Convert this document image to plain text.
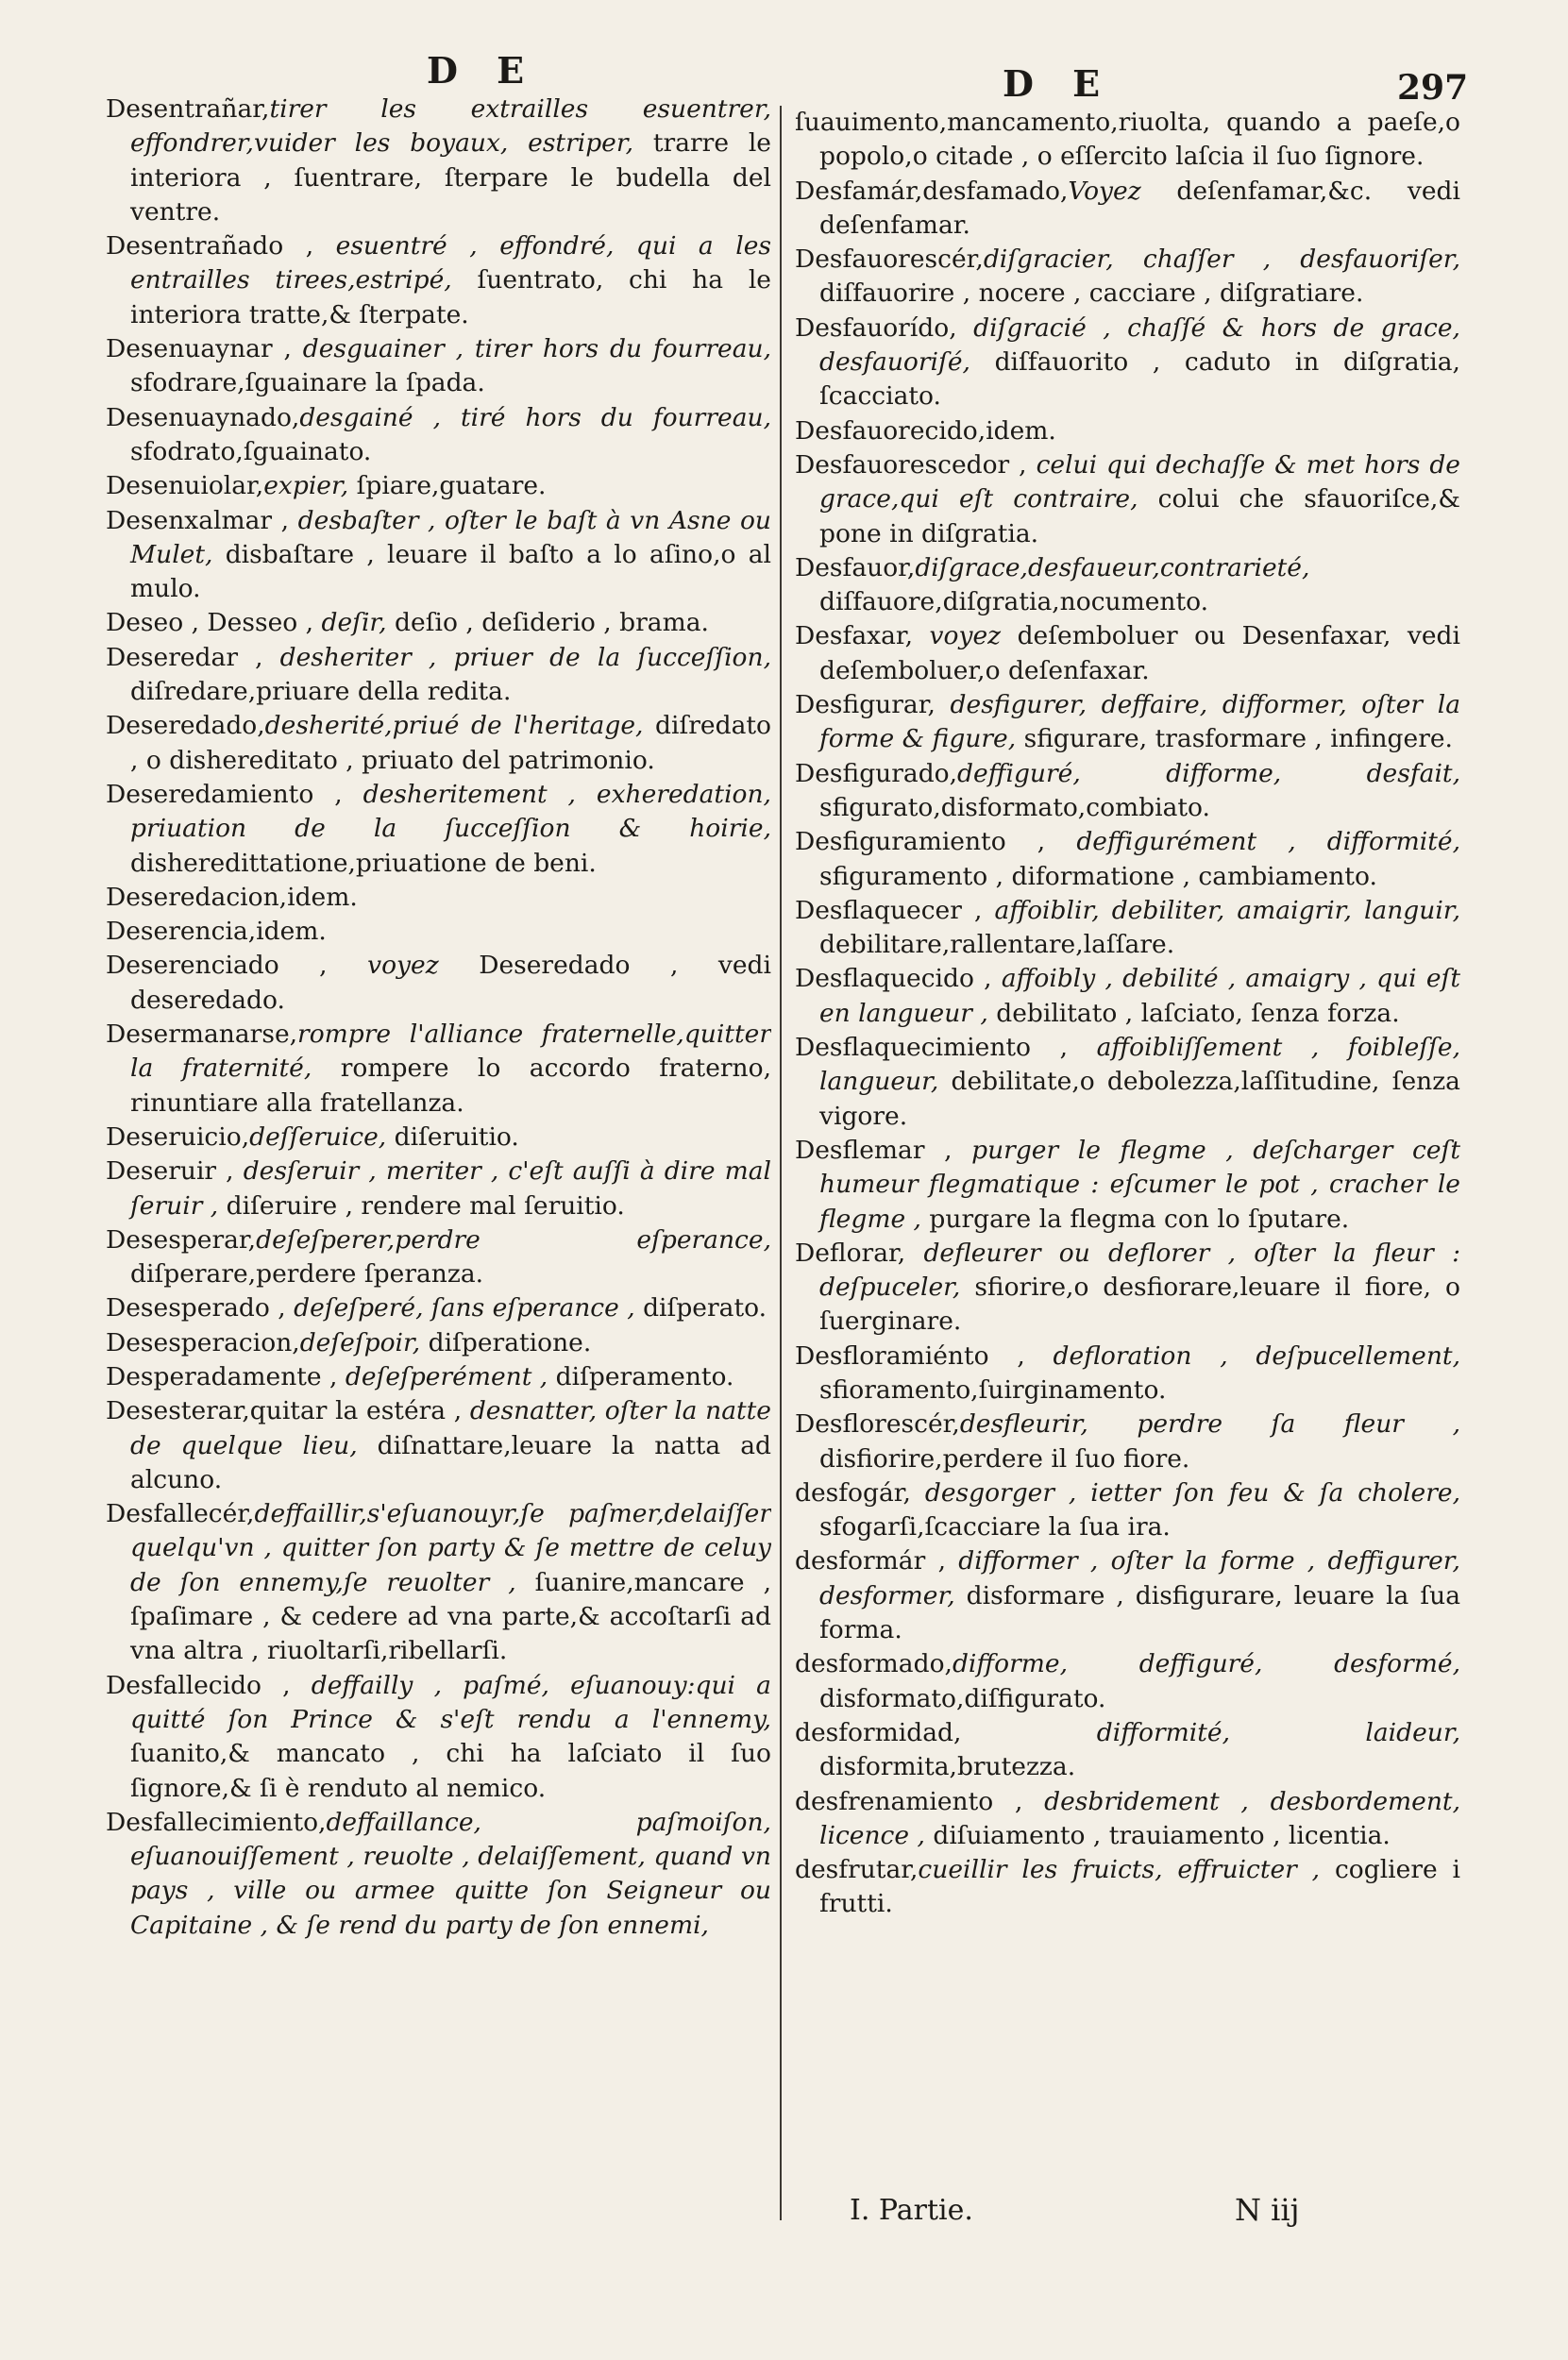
D E	D E	297

Desentrañar,tirer les extrailles esuentrer, effondrer,vuider les boyaux, estriper, trarre le interiora , ſuentrare, ſterpare le budella del ventre.

Desentrañado , esuentré , effondré, qui a les entrailles tirees,estripé, ſuentrato, chi ha le interiora tratte,& ſterpate.

Desenuaynar , desguainer , tirer hors du fourreau, sfodrare,ſguainare la ſpada.

Desenuaynado,desgainé , tiré hors du fourreau, sfodrato,ſguainato.

Desenuiolar,expier, ſpiare,guatare.

Desenxalmar , desbaſter , oſter le baſt à vn Asne ou Mulet, disbaſtare , leuare il baſto a lo aſino,o al mulo.

Deseo , Desseo , deſir, deſio , deſiderio , brama.

Deseredar , desheriter , priuer de la ſucceſſion, diſredare,priuare della redita.

Deseredado,desherité,priué de l'heritage, diſredato , o dishereditato , priuato del patrimonio.

Deseredamiento , desheritement , exheredation, priuation de la ſucceſſion & hoirie, disheredittatione,priuatione de beni.

Deseredacion,idem.

Deserencia,idem.

Deserenciado , voyez Deseredado , vedi deseredado.

Desermanarse,rompre l'alliance fraternelle,quitter la fraternité, rompere lo accordo fraterno, rinuntiare alla fratellanza.

Deseruicio,deſſeruice, diſeruitio.

Deseruir , desſeruir , meriter , c'eſt auſſi à dire mal ſeruir , diſeruire , rendere mal ſeruitio.

Desesperar,deſeſperer,perdre eſperance, diſperare,perdere ſperanza.

Desesperado , deſeſperé, ſans eſperance , diſperato.

Desesperacion,deſeſpoir, diſperatione.

Desperadamente , deſeſperément , diſperamento.

Desesterar,quitar la estéra , desnatter, oſter la natte de quelque lieu, diſnattare,leuare la natta ad alcuno.

Desfallecér,deffaillir,s'eſuanouyr,ſe paſmer,delaiſſer quelqu'vn , quitter ſon party & ſe mettre de celuy de ſon ennemy,ſe reuolter , ſuanire,mancare , ſpaſimare , & cedere ad vna parte,& accoſtarſi ad vna altra , riuoltarſi,ribellarſi.

Desfallecido , deffailly , paſmé, eſuanouy:qui a quitté ſon Prince & s'eſt rendu a l'ennemy, ſuanito,& mancato , chi ha laſciato il ſuo ſignore,& ſi è renduto al nemico.

Desfallecimiento,deffaillance, paſmoiſon, eſuanouiſſement , reuolte , delaiſſement, quand vn pays , ville ou armee quitte ſon Seigneur ou Capitaine , & ſe rend du party de ſon ennemi,

ſuauimento,mancamento,riuolta, quando a paeſe,o popolo,o citade , o eſſercito laſcia il ſuo ſignore.

Desfamár,desfamado,Voyez deſenfamar,&c. vedi deſenfamar.

Desfauorescér,diſgracier, chaſſer , desfauoriſer, diſfauorire , nocere , cacciare , diſgratiare.

Desfauorído, diſgracié , chaſſé & hors de grace, desfauoriſé, diſfauorito , caduto in diſgratia, ſcacciato.

Desfauorecido,idem.

Desfauorescedor , celui qui dechaſſe & met hors de grace,qui eſt contraire, colui che sfauoriſce,& pone in diſgratia.

Desfauor,diſgrace,desfaueur,contrarieté, diſfauore,diſgratia,nocumento.

Desfaxar, voyez deſemboluer ou Desenfaxar, vedi deſemboluer,o deſenfaxar.

Desfigurar, desfigurer, deffaire, difformer, oſter la forme & figure, sfigurare, trasformare , infingere.

Desfigurado,deffiguré, difforme, desfait, sfigurato,disformato,combiato.

Desfiguramiento , deffigurément , difformité, sfiguramento , diformatione , cambiamento.

Desflaquecer , affoiblir, debiliter, amaigrir, languir, debilitare,rallentare,laſſare.

Desflaquecido , affoibly , debilité , amaigry , qui eſt en langueur , debilitato , laſciato, ſenza forza.

Desflaquecimiento , affoibliſſement , foibleſſe, langueur, debilitate,o debolezza,laſſitudine, ſenza vigore.

Desflemar , purger le flegme , deſcharger ceſt humeur flegmatique : eſcumer le pot , cracher le flegme , purgare la flegma con lo ſputare.

Deflorar, defleurer ou deflorer , oſter la fleur : deſpuceler, sfiorire,o desfiorare,leuare il fiore, o ſuerginare.

Desfloramiénto , defloration , deſpucellement, sfioramento,ſuirginamento.

Desflorescér,desfleurir, perdre ſa fleur , disfiorire,perdere il ſuo fiore.

desfogár, desgorger , ietter ſon feu & ſa cholere, sfogarſi,ſcacciare la ſua ira.

desformár , difformer , oſter la forme , deffigurer, desformer, disformare , disfigurare, leuare la ſua forma.

desformado,difforme, deffiguré, desformé, disformato,diſfigurato.

desformidad, difformité, laideur, disformita,brutezza.

desfrenamiento , desbridement , desbordement, licence , diſuiamento , trauiamento , licentia.

desfrutar,cueillir les fruicts, effruicter , cogliere i frutti.

I. Partie.	N iij
